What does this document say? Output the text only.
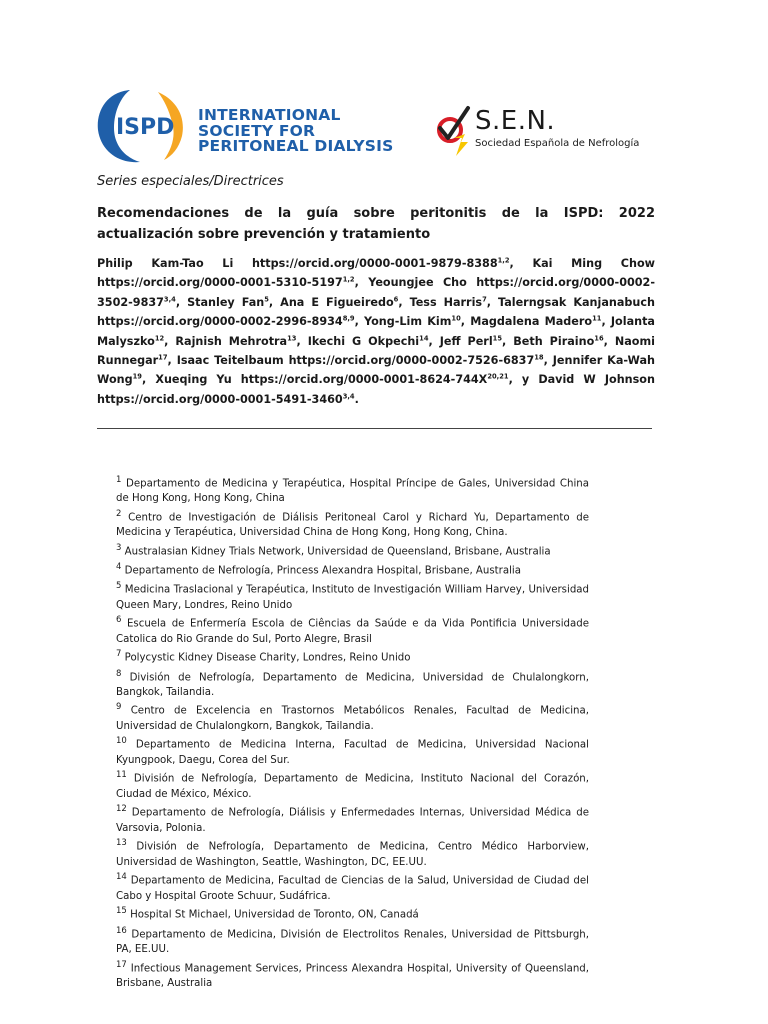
ISPD INTERNATIONAL
SOCIETY FOR
PERITONEAL DIALYSIS
S.E.N.
Sociedad Española de Nefrología
Series especiales/Directrices
Recomendaciones de la guía sobre peritonitis de la ISPD: 2022 actualización sobre prevención y tratamiento

Philip Kam-Tao Li https://orcid.org/0000-0001-9879-8388$^{1,2}$, Kai Ming Chow https://orcid.org/0000-0001-5310-5197$^{1,2}$, Yeoungjee Cho https://orcid.org/0000-0002-3502-9837$^{3,4}$, Stanley Fan$^5$, Ana E Figueiredo$^6$, Tess Harris$^7$, Talerngsak Kanjanabuch https://orcid.org/0000-0002-2996-8934$^{8,9}$, Yong-Lim Kim$^{10}$, Magdalena Madero$^{11}$, Jolanta Malyszko$^{12}$, Rajnish Mehrotra$^{13}$, Ikechi G Okpechi$^{14}$, Jeff Perl$^{15}$, Beth Piraino$^{16}$, Naomi Runnegar$^{17}$, Isaac Teitelbaum https://orcid.org/0000-0002-7526-6837$^{18}$, Jennifer Ka-Wah Wong$^{19}$, Xueqing Yu $https://orcid.org/0000-0001-8624-744X^{20,21}$, y David W Johnson https://orcid.org/0000-0001-5491-3460$^{3,4}$.

$^1$ Departamento de Medicina y Terapéutica, Hospital Príncipe de Gales, Universidad China de Hong Kong, Hong Kong, China
$^2$ Centro de Investigación de Diálisis Peritoneal Carol y Richard Yu, Departamento de Medicina y Terapéutica, Universidad China de Hong Kong, Hong Kong, China.
$^3$ Australasian Kidney Trials Network, Universidad de Queensland, Brisbane, Australia
$^4$ Departamento de Nefrología, Princess Alexandra Hospital, Brisbane, Australia
$^5$ Medicina Traslacional y Terapéutica, Instituto de Investigación William Harvey, Universidad Queen Mary, Londres, Reino Unido
$^6$ Escuela de Enfermería Escola de Ciências da Saúde e da Vida Pontificia Universidade Catolica do Rio Grande do Sul, Porto Alegre, Brasil
$^7$ Polycystic Kidney Disease Charity, Londres, Reino Unido
$^8$ División de Nefrología, Departamento de Medicina, Universidad de Chulalongkorn, Bangkok, Tailandia.
$^9$ Centro de Excelencia en Trastornos Metabólicos Renales, Facultad de Medicina, Universidad de Chulalongkorn, Bangkok, Tailandia.
$^{10}$ Departamento de Medicina Interna, Facultad de Medicina, Universidad Nacional Kyungpook, Daegu, Corea del Sur.
$^{11}$ División de Nefrología, Departamento de Medicina, Instituto Nacional del Corazón, Ciudad de México, México.
$^{12}$ Departamento de Nefrología, Diálisis y Enfermedades Internas, Universidad Médica de Varsovia, Polonia.
$^{13}$ División de Nefrología, Departamento de Medicina, Centro Médico Harborview, Universidad de Washington, Seattle, Washington, DC, EE.UU.
$^{14}$ Departamento de Medicina, Facultad de Ciencias de la Salud, Universidad de Ciudad del Cabo y Hospital Groote Schuur, Sudáfrica.
$^{15}$ Hospital St Michael, Universidad de Toronto, ON, Canadá
$^{16}$ Departamento de Medicina, División de Electrolitos Renales, Universidad de Pittsburgh, PA, EE.UU.
$^{17}$ Infectious Management Services, Princess Alexandra Hospital, University of Queensland, Brisbane, Australia
